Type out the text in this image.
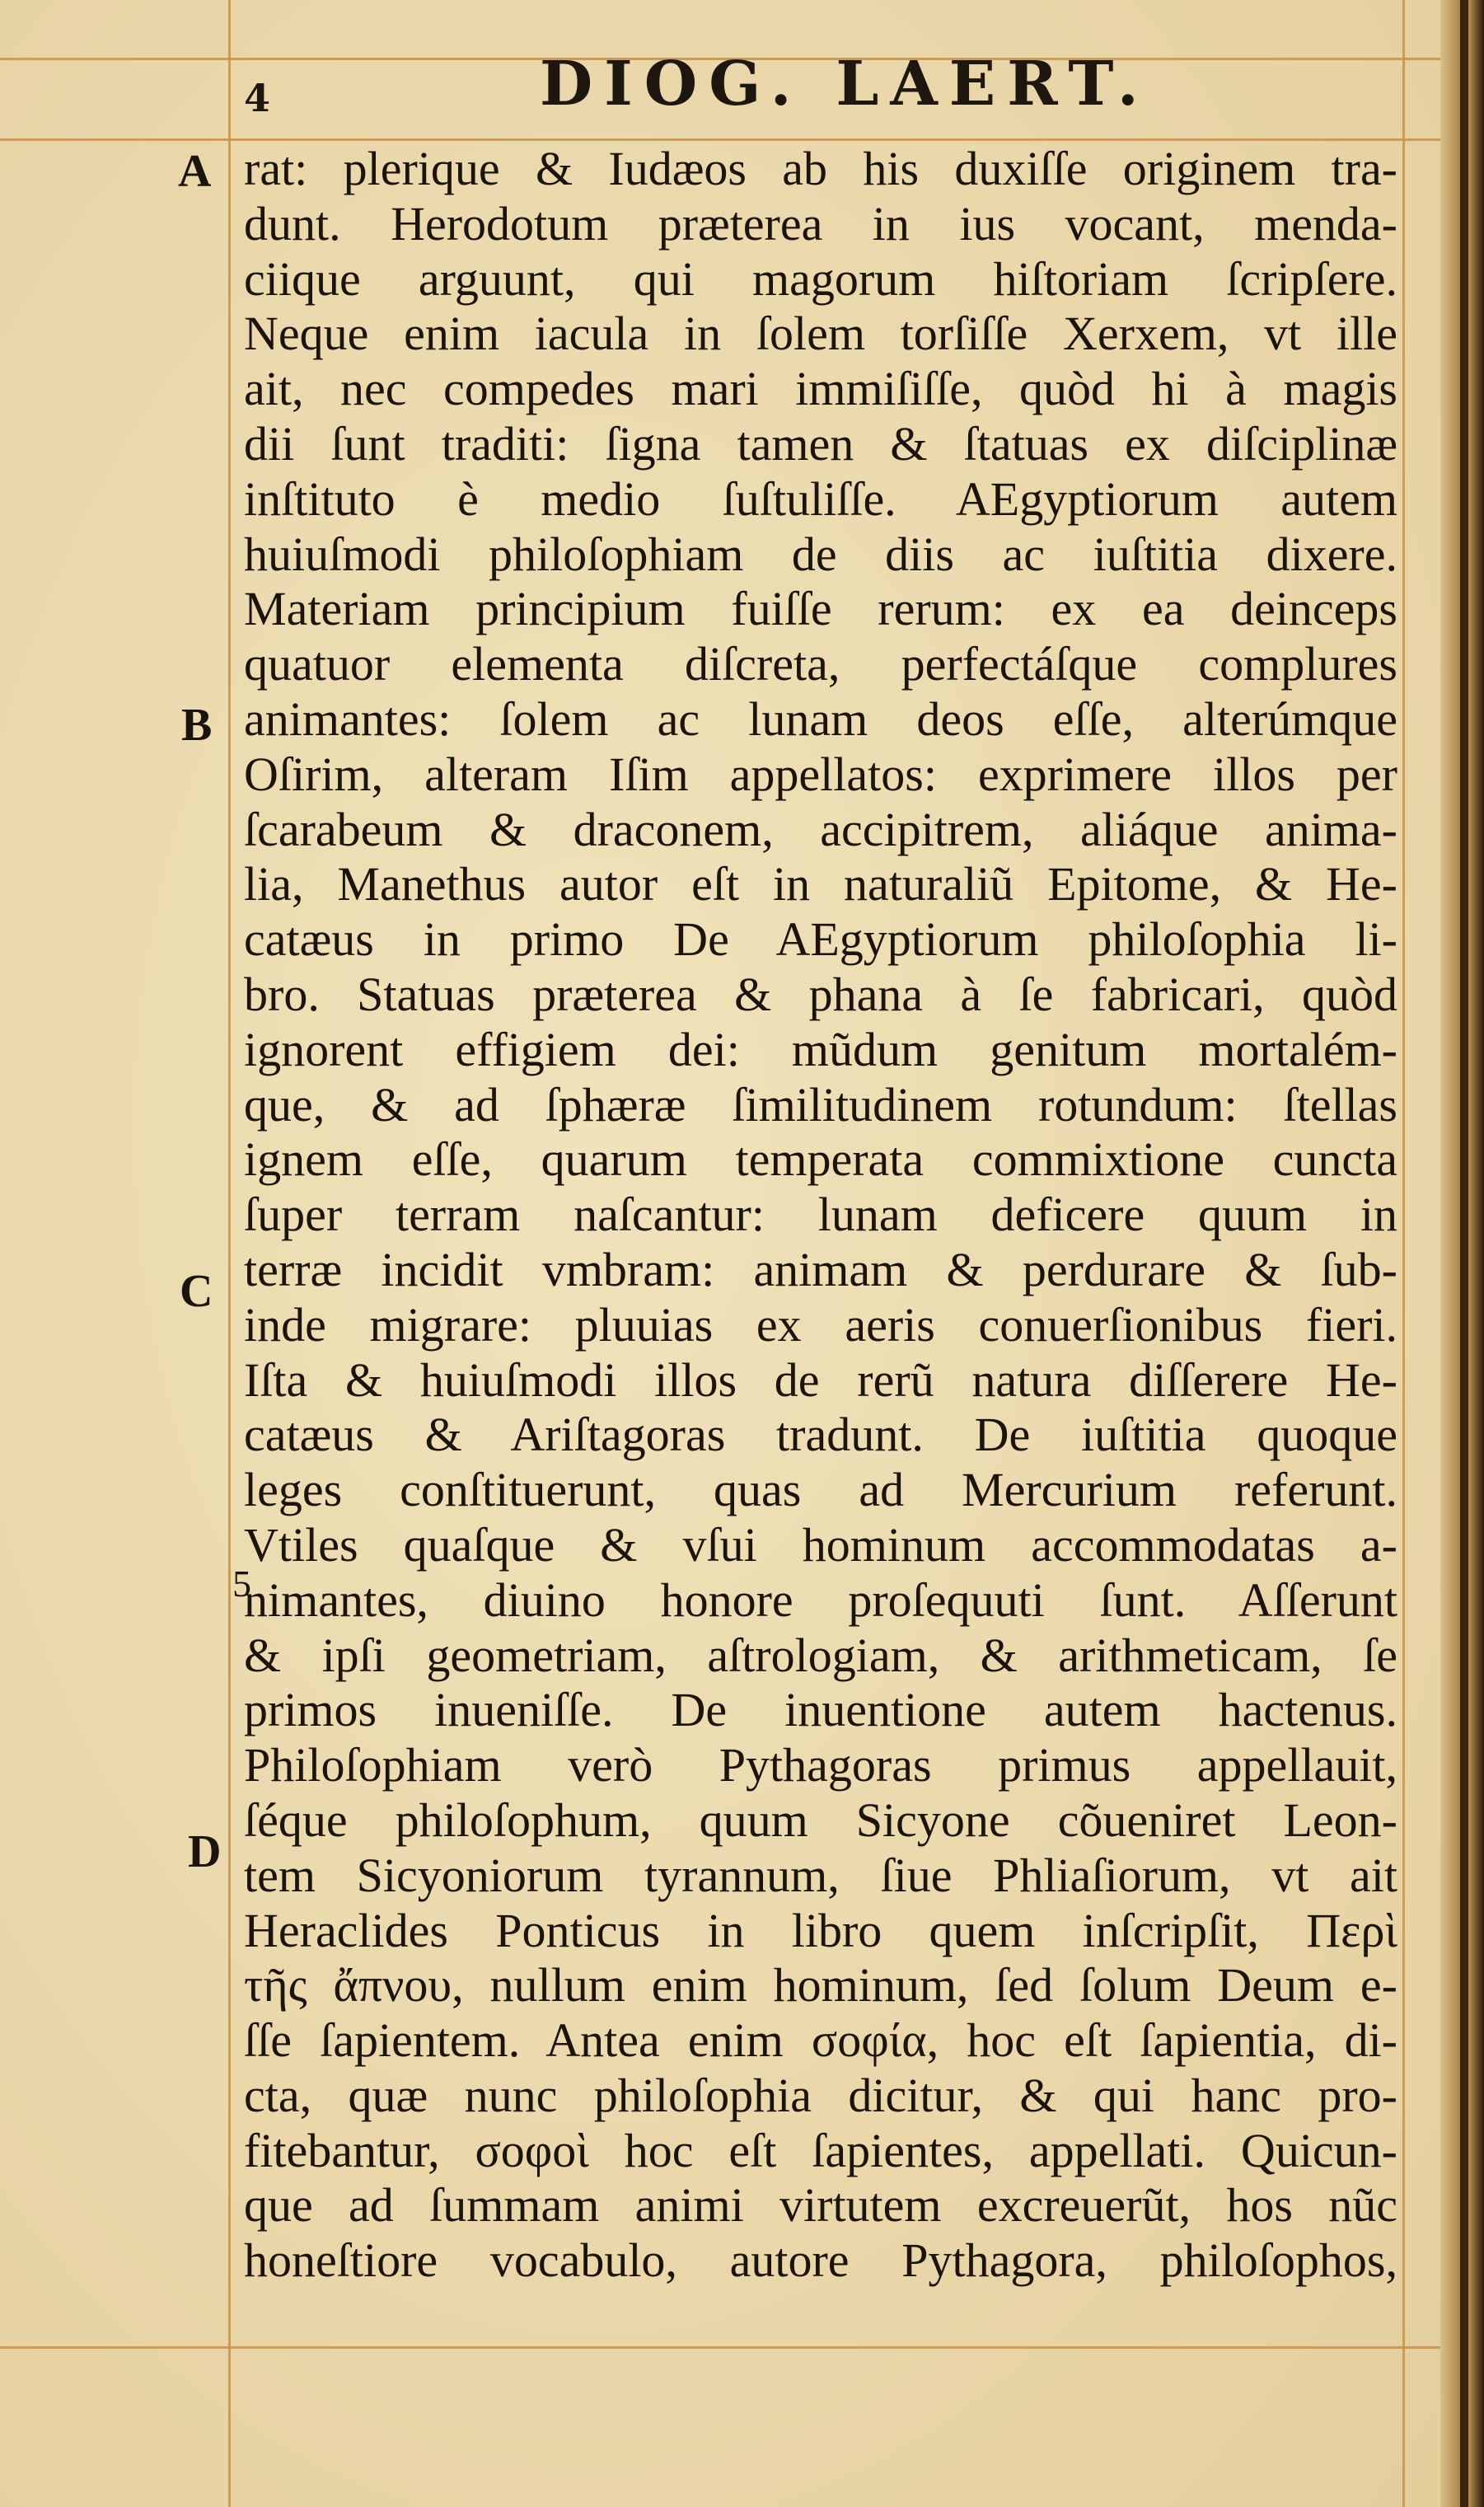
4	DIOG. LAERT.
A
B
C
D
5
rat: plerique & Iudæos ab his duxiſſe originem tra-
dunt. Herodotum præterea in ius vocant, menda-
ciique arguunt, qui magorum hiſtoriam ſcripſere.
Neque enim iacula in ſolem torſiſſe Xerxem, vt ille
ait, nec compedes mari immiſiſſe, quòd hi à magis
dii ſunt traditi: ſigna tamen & ſtatuas ex diſciplinæ
inſtituto è medio ſuſtuliſſe. AEgyptiorum autem
huiuſmodi philoſophiam de diis ac iuſtitia dixere.
Materiam principium fuiſſe rerum: ex ea deinceps
quatuor elementa diſcreta, perfectáſque complures
animantes: ſolem ac lunam deos eſſe, alterúmque
Oſirim, alteram Iſim appellatos: exprimere illos per
ſcarabeum & draconem, accipitrem, aliáque anima-
lia, Manethus autor eſt in naturaliũ Epitome, & He-
catæus in primo De AEgyptiorum philoſophia li-
bro. Statuas præterea & phana à ſe fabricari, quòd
ignorent effigiem dei: mũdum genitum mortalém-
que, & ad ſphæræ ſimilitudinem rotundum: ſtellas
ignem eſſe, quarum temperata commixtione cuncta
ſuper terram naſcantur: lunam deficere quum in
terræ incidit vmbram: animam & perdurare & ſub-
inde migrare: pluuias ex aeris conuerſionibus fieri.
Iſta & huiuſmodi illos de rerũ natura diſſerere He-
catæus & Ariſtagoras tradunt. De iuſtitia quoque
leges conſtituerunt, quas ad Mercurium referunt.
Vtiles quaſque & vſui hominum accommodatas a-
nimantes, diuino honore proſequuti ſunt. Aſſerunt
& ipſi geometriam, aſtrologiam, & arithmeticam, ſe
primos inueniſſe. De inuentione autem hactenus.
Philoſophiam verò Pythagoras primus appellauit,
ſéque philoſophum, quum Sicyone cõueniret Leon-
tem Sicyoniorum tyrannum, ſiue Phliaſiorum, vt ait
Heraclides Ponticus in libro quem inſcripſit, Περὶ
τῆς ἄπνου, nullum enim hominum, ſed ſolum Deum e-
ſſe ſapientem. Antea enim σοφία, hoc eſt ſapientia, di-
cta, quæ nunc philoſophia dicitur, & qui hanc pro-
fitebantur, σοφοὶ hoc eſt ſapientes, appellati. Quicun-
que ad ſummam animi virtutem excreuerũt, hos nũc
honeſtiore vocabulo, autore Pythagora, philoſophos,
